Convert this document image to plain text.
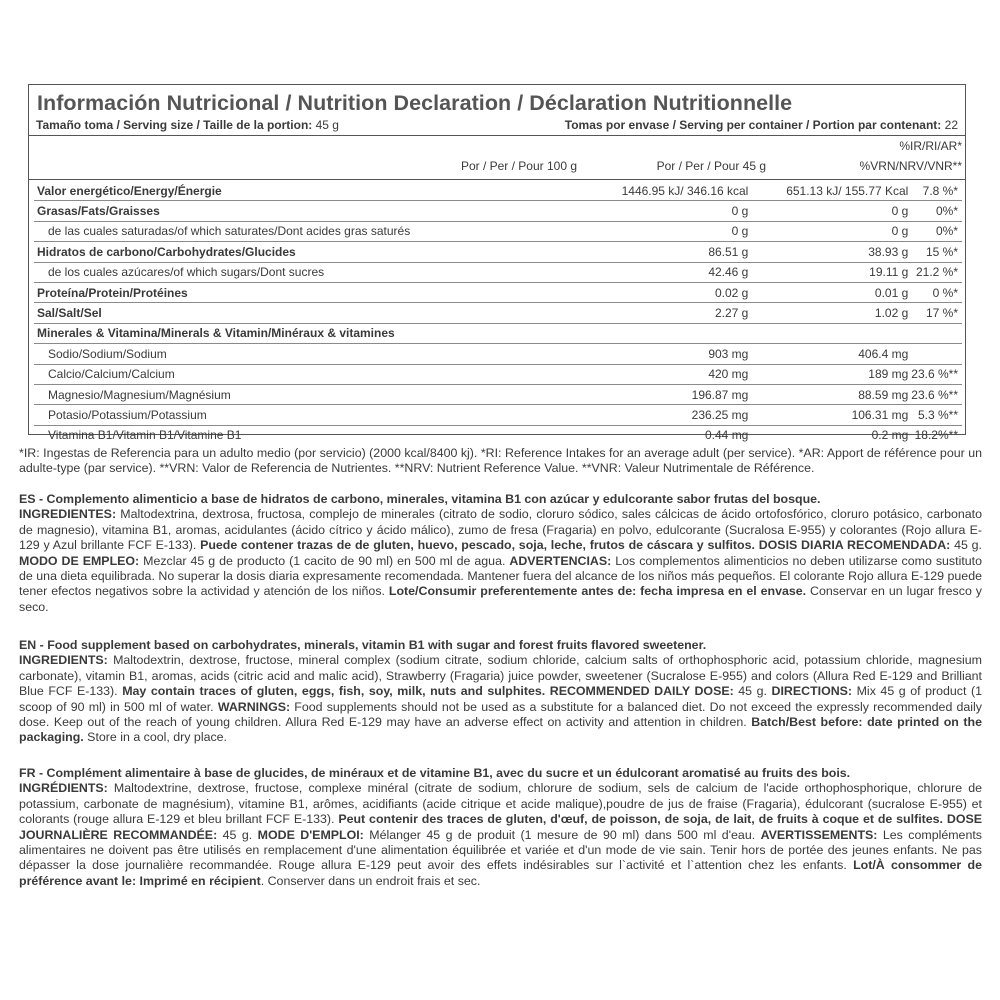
Información Nutricional / Nutrition Declaration / Déclaration Nutritionnelle
Tamaño toma / Serving size / Taille de la portion: 45 g	Tomas por envase / Serving per container / Portion par contenant: 22
%IR/RI/AR*
Por / Per / Pour 100 g	Por / Per / Pour 45 g	%VRN/NRV/VNR**
Valor energético/Energy/Énergie	1446.95 kJ/ 346.16 kcal	651.13 kJ/ 155.77 Kcal	7.8 %*
Grasas/Fats/Graisses	0 g	0 g	0%*
de las cuales saturadas/of which saturates/Dont acides gras saturés	0 g	0 g	0%*
Hidratos de carbono/Carbohydrates/Glucides	86.51 g	38.93 g	15 %*
de los cuales azúcares/of which sugars/Dont sucres	42.46 g	19.11 g	21.2 %*
Proteína/Protein/Protéines	0.02 g	0.01 g	0 %*
Sal/Salt/Sel	2.27 g	1.02 g	17 %*
Minerales & Vitamina/Minerals & Vitamin/Minéraux & vitamines			
Sodio/Sodium/Sodium	903 mg	406.4 mg	
Calcio/Calcium/Calcium	420 mg	189 mg	23.6 %**
Magnesio/Magnesium/Magnésium	196.87 mg	88.59 mg	23.6 %**
Potasio/Potassium/Potassium	236.25 mg	106.31 mg	5.3 %**
Vitamina B1/Vitamin B1/Vitamine B1	0.44 mg	0.2 mg	18.2%**
*IR: Ingestas de Referencia para un adulto medio (por servicio) (2000 kcal/8400 kj). *RI: Reference Intakes for an average adult (per service). *AR: Apport de référence pour un adulte-type (par service). **VRN: Valor de Referencia de Nutrientes. **NRV: Nutrient Reference Value. **VNR: Valeur Nutrimentale de Référence.

ES - Complemento alimenticio a base de hidratos de carbono, minerales, vitamina B1 con azúcar y edulcorante sabor frutas del bosque.

INGREDIENTES: Maltodextrina, dextrosa, fructosa, complejo de minerales (citrato de sodio, cloruro sódico, sales cálcicas de ácido ortofosfórico, cloruro potásico, carbonato de magnesio), vitamina B1, aromas, acidulantes (ácido cítrico y ácido málico), zumo de fresa (Fragaria) en polvo, edulcorante (Sucralosa E-955) y colorantes (Rojo allura E-129 y Azul brillante FCF E-133). Puede contener trazas de de gluten, huevo, pescado, soja, leche, frutos de cáscara y sulfitos. DOSIS DIARIA RECOMENDADA: 45 g. MODO DE EMPLEO: Mezclar 45 g de producto (1 cacito de 90 ml) en 500 ml de agua. ADVERTENCIAS: Los complementos alimenticios no deben utilizarse como sustituto de una dieta equilibrada. No superar la dosis diaria expresamente recomendada. Mantener fuera del alcance de los niños más pequeños. El colorante Rojo allura E-129 puede tener efectos negativos sobre la actividad y atención de los niños. Lote/Consumir preferentemente antes de: fecha impresa en el envase. Conservar en un lugar fresco y seco.

EN - Food supplement based on carbohydrates, minerals, vitamin B1 with sugar and forest fruits flavored sweetener.

INGREDIENTS: Maltodextrin, dextrose, fructose, mineral complex (sodium citrate, sodium chloride, calcium salts of orthophosphoric acid, potassium chloride, magnesium carbonate), vitamin B1, aromas, acids (citric acid and malic acid), Strawberry (Fragaria) juice powder, sweetener (Sucralose E-955) and colors (Allura Red E-129 and Brilliant Blue FCF E-133). May contain traces of gluten, eggs, fish, soy, milk, nuts and sulphites. RECOMMENDED DAILY DOSE: 45 g. DIRECTIONS: Mix 45 g of product (1 scoop of 90 ml) in 500 ml of water. WARNINGS: Food supplements should not be used as a substitute for a balanced diet. Do not exceed the expressly recommended daily dose. Keep out of the reach of young children. Allura Red E-129 may have an adverse effect on activity and attention in children. Batch/Best before: date printed on the packaging. Store in a cool, dry place.

FR - Complément alimentaire à base de glucides, de minéraux et de vitamine B1, avec du sucre et un édulcorant aromatisé au fruits des bois.

INGRÉDIENTS: Maltodextrine, dextrose, fructose, complexe minéral (citrate de sodium, chlorure de sodium, sels de calcium de l'acide orthophosphorique, chlorure de potassium, carbonate de magnésium), vitamine B1, arômes, acidifiants (acide citrique et acide malique),poudre de jus de fraise (Fragaria), édulcorant (sucralose E-955) et colorants (rouge allura E-129 et bleu brillant FCF E-133). Peut contenir des traces de gluten, d'œuf, de poisson, de soja, de lait, de fruits à coque et de sulfites. DOSE JOURNALIÈRE RECOMMANDÉE: 45 g. MODE D'EMPLOI: Mélanger 45 g de produit (1 mesure de 90 ml) dans 500 ml d'eau. AVERTISSEMENTS: Les compléments alimentaires ne doivent pas être utilisés en remplacement d'une alimentation équilibrée et variée et d'un mode de vie sain. Tenir hors de portée des jeunes enfants. Ne pas dépasser la dose journalière recommandée. Rouge allura E-129 peut avoir des effets indésirables sur l`activité et l`attention chez les enfants. Lot/À consommer de préférence avant le: Imprimé en récipient. Conserver dans un endroit frais et sec.
